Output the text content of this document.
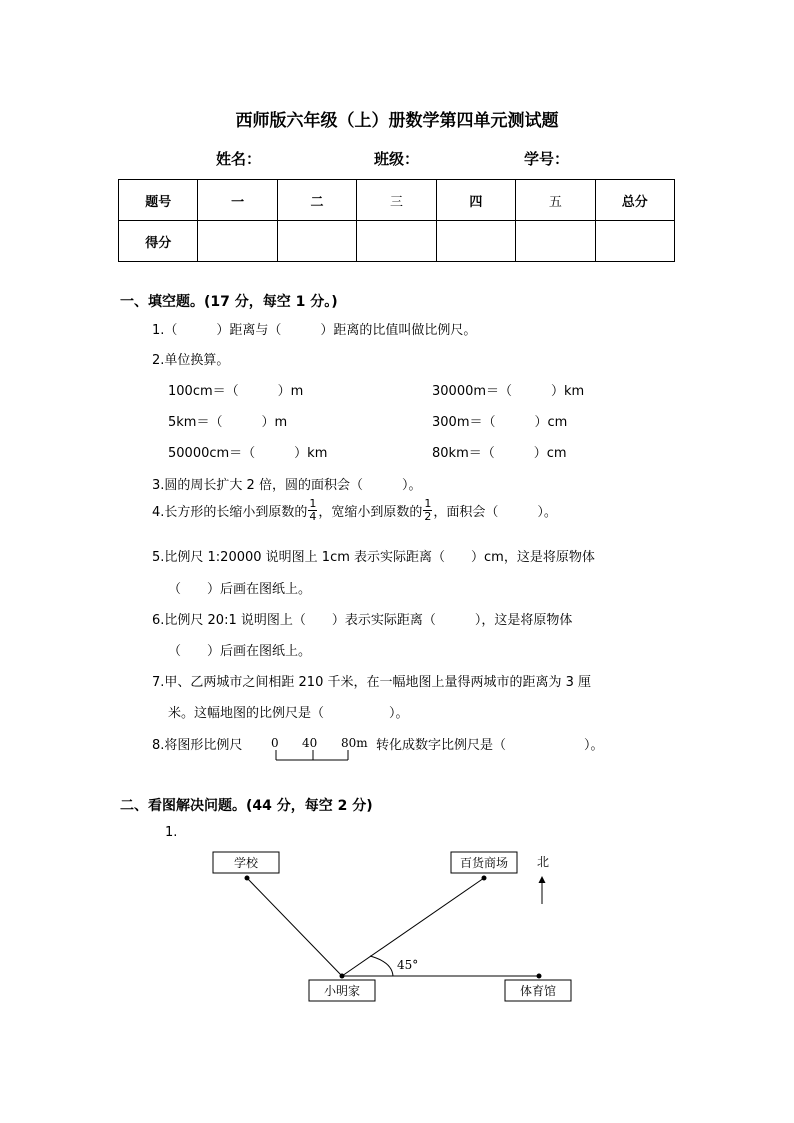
西师版六年级（上）册数学第四单元测试题
姓名：	班级：	学号：
题号	一	二	三	四	五	总分
得分						
一、填空题。(17 分，每空 1 分。)
1.（　　　）距离与（　　　）距离的比值叫做比例尺。
2.单位换算。
100cm＝（　　　）m	30000m＝（　　　）km
5km＝（　　　）m	300m＝（　　　）cm
50000cm＝（　　　）km	80km＝（　　　）cm
3.圆的周长扩大 2 倍，圆的面积会（　　　）。
4.长方形的长缩小到原数的 $\frac{1}{4}$ ，宽缩小到原数的 $\frac{1}{2}$ ，面积会（　　　）。
5.比例尺 1:20000 说明图上 1cm 表示实际距离（　　）cm，这是将原物体
（　　）后画在图纸上。
6.比例尺 20:1 说明图上（　　）表示实际距离（　　　），这是将原物体
（　　）后画在图纸上。
7.甲、乙两城市之间相距 210 千米，在一幅地图上量得两城市的距离为 3 厘
米。这幅地图的比例尺是（　　　　　）。
8.将图形比例尺 0 40 80m 转化成数字比例尺是（　　　　　　）。
二、看图解决问题。(44 分，每空 2 分)
1.
学校	百货商场
小明家	体育馆
45°
北
